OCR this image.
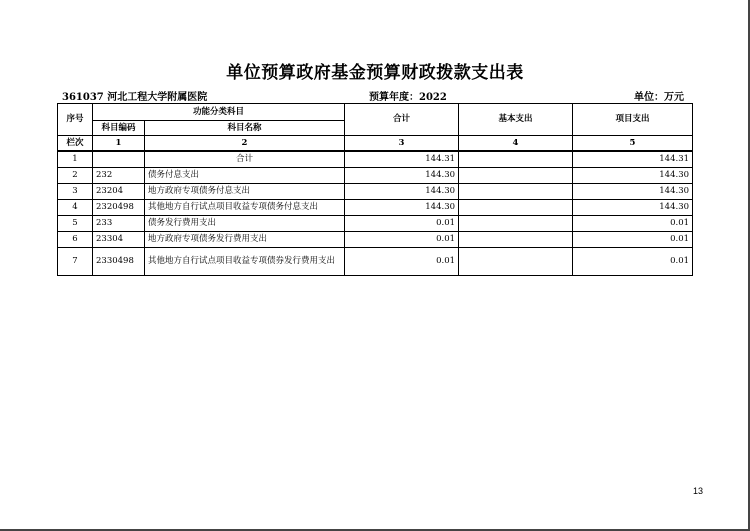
单位预算政府基金预算财政拨款支出表
361037 河北工程大学附属医院	预算年度：2022	单位：万元
序号	功能分类科目		合计	基本支出	项目支出
	科目编码	科目名称			
栏次	1	2	3	4	5
1		合计	144.31		144.31
2	232	债务付息支出	144.30		144.30
3	23204	地方政府专项债务付息支出	144.30		144.30
4	2320498	其他地方自行试点项目收益专项债务付息支出	144.30		144.30
5	233	债务发行费用支出	0.01		0.01
6	23304	地方政府专项债务发行费用支出	0.01		0.01
7	2330498	其他地方自行试点项目收益专项债券发行费用支出	0.01		0.01
13
